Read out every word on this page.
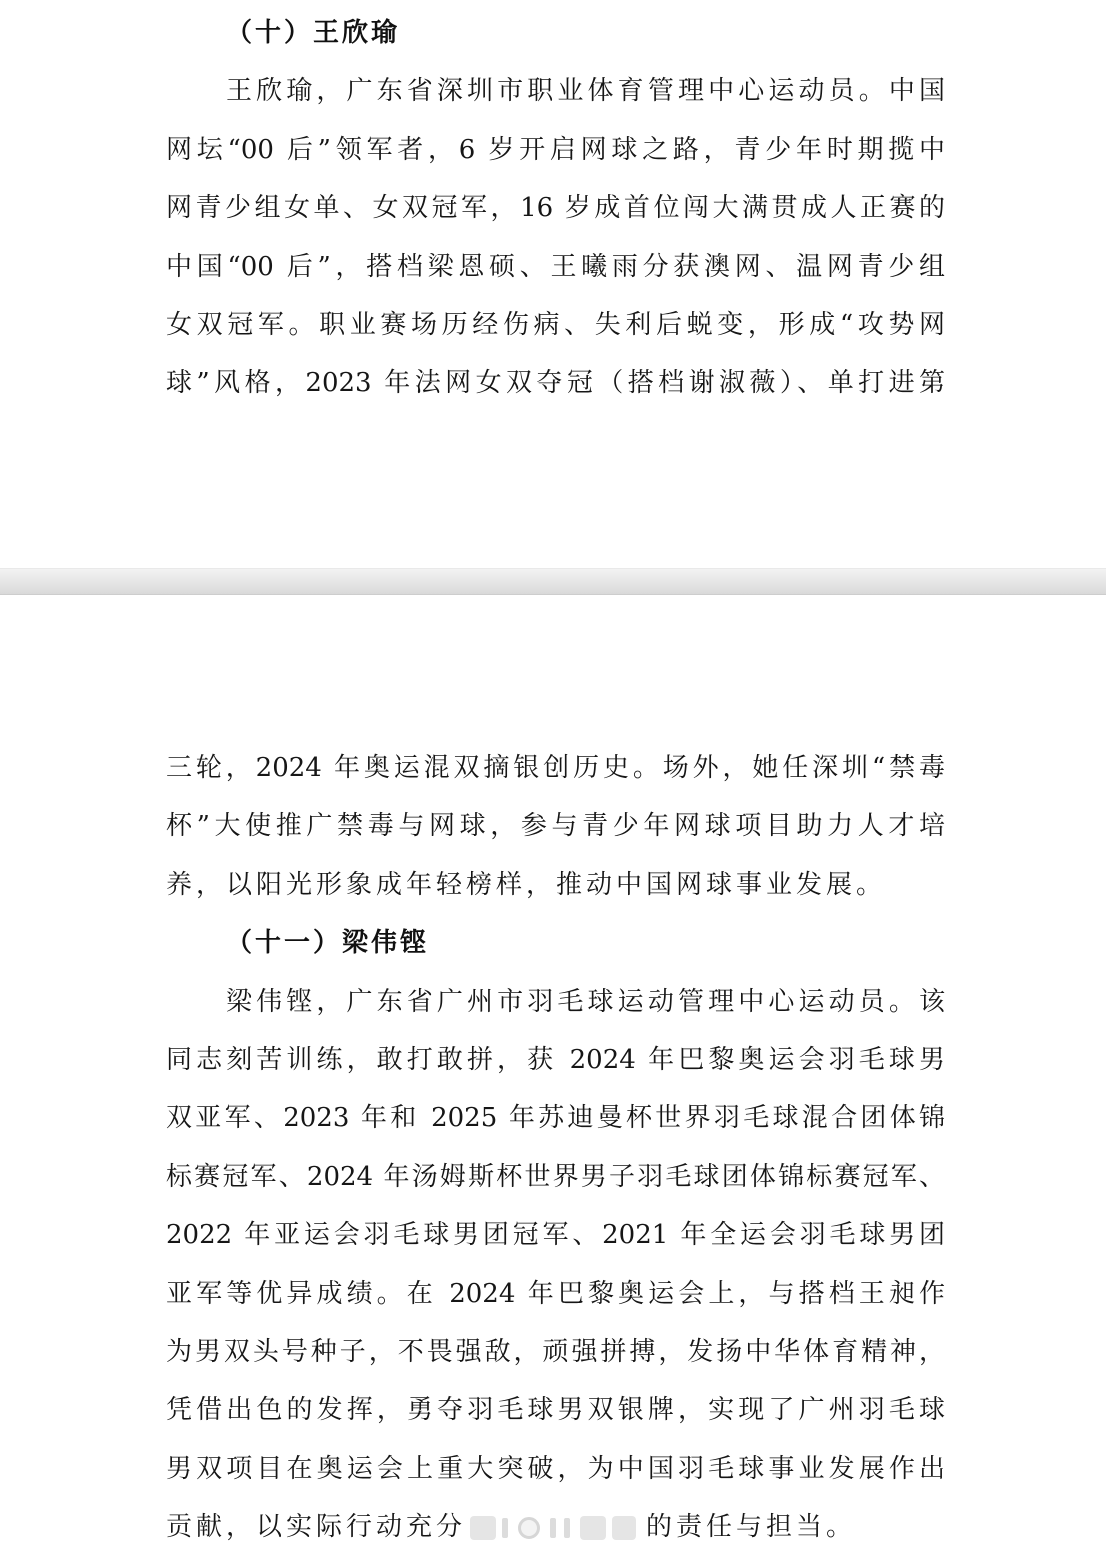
（十）王欣瑜
王欣瑜，广东省深圳市职业体育管理中心运动员。中国
网坛“00 后”领军者，6 岁开启网球之路，青少年时期揽中
网青少组女单、女双冠军，16 岁成首位闯大满贯成人正赛的
中国“00 后”，搭档梁恩硕、王曦雨分获澳网、温网青少组
女双冠军。职业赛场历经伤病、失利后蜕变，形成“攻势网
球”风格，2023 年法网女双夺冠（搭档谢淑薇）、单打进第
三轮，2024 年奥运混双摘银创历史。场外，她任深圳“禁毒
杯”大使推广禁毒与网球，参与青少年网球项目助力人才培
养，以阳光形象成年轻榜样，推动中国网球事业发展。
（十一）梁伟铿
梁伟铿，广东省广州市羽毛球运动管理中心运动员。该
同志刻苦训练，敢打敢拼，获 2024 年巴黎奥运会羽毛球男
双亚军、2023 年和 2025 年苏迪曼杯世界羽毛球混合团体锦
标赛冠军、2024 年汤姆斯杯世界男子羽毛球团体锦标赛冠军、
2022 年亚运会羽毛球男团冠军、2021 年全运会羽毛球男团
亚军等优异成绩。在 2024 年巴黎奥运会上，与搭档王昶作
为男双头号种子，不畏强敌，顽强拼搏，发扬中华体育精神，
凭借出色的发挥，勇夺羽毛球男双银牌，实现了广州羽毛球
男双项目在奥运会上重大突破，为中国羽毛球事业发展作出
贡献，以实际行动充分	的责任与担当。
